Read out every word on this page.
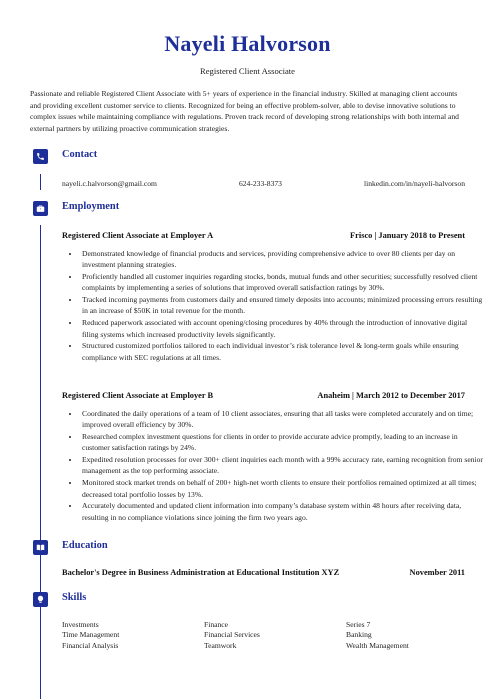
Nayeli Halvorson
Registered Client Associate
Passionate and reliable Registered Client Associate with 5+ years of experience in the financial industry. Skilled at managing client accounts and providing excellent customer service to clients. Recognized for being an effective problem-solver, able to devise innovative solutions to complex issues while maintaining compliance with regulations. Proven track record of developing strong relationships with both internal and external partners by utilizing proactive communication strategies.
Contact
nayeli.c.halvorson@gmail.com	624-233-8373	linkedin.com/in/nayeli-halvorson
Employment
Registered Client Associate at Employer A	Frisco | January 2018 to Present
• Demonstrated knowledge of financial products and services, providing comprehensive advice to over 80 clients per day on investment planning strategies.
• Proficiently handled all customer inquiries regarding stocks, bonds, mutual funds and other securities; successfully resolved client complaints by implementing a series of solutions that improved overall satisfaction ratings by 30%.
• Tracked incoming payments from customers daily and ensured timely deposits into accounts; minimized processing errors resulting in an increase of $50K in total revenue for the month.
• Reduced paperwork associated with account opening/closing procedures by 40% through the introduction of innovative digital filing systems which increased productivity levels significantly.
• Structured customized portfolios tailored to each individual investor’s risk tolerance level & long-term goals while ensuring compliance with SEC regulations at all times.
Registered Client Associate at Employer B	Anaheim | March 2012 to December 2017
• Coordinated the daily operations of a team of 10 client associates, ensuring that all tasks were completed accurately and on time; improved overall efficiency by 30%.
• Researched complex investment questions for clients in order to provide accurate advice promptly, leading to an increase in customer satisfaction ratings by 24%.
• Expedited resolution processes for over 300+ client inquiries each month with a 99% accuracy rate, earning recognition from senior management as the top performing associate.
• Monitored stock market trends on behalf of 200+ high-net worth clients to ensure their portfolios remained optimized at all times; decreased total portfolio losses by 13%.
• Accurately documented and updated client information into company’s database system within 48 hours after receiving data, resulting in no compliance violations since joining the firm two years ago.
Education
Bachelor's Degree in Business Administration at Educational Institution XYZ	November 2011
Skills
Investments	Finance	Series 7
Time Management	Financial Services	Banking
Financial Analysis	Teamwork	Wealth Management
